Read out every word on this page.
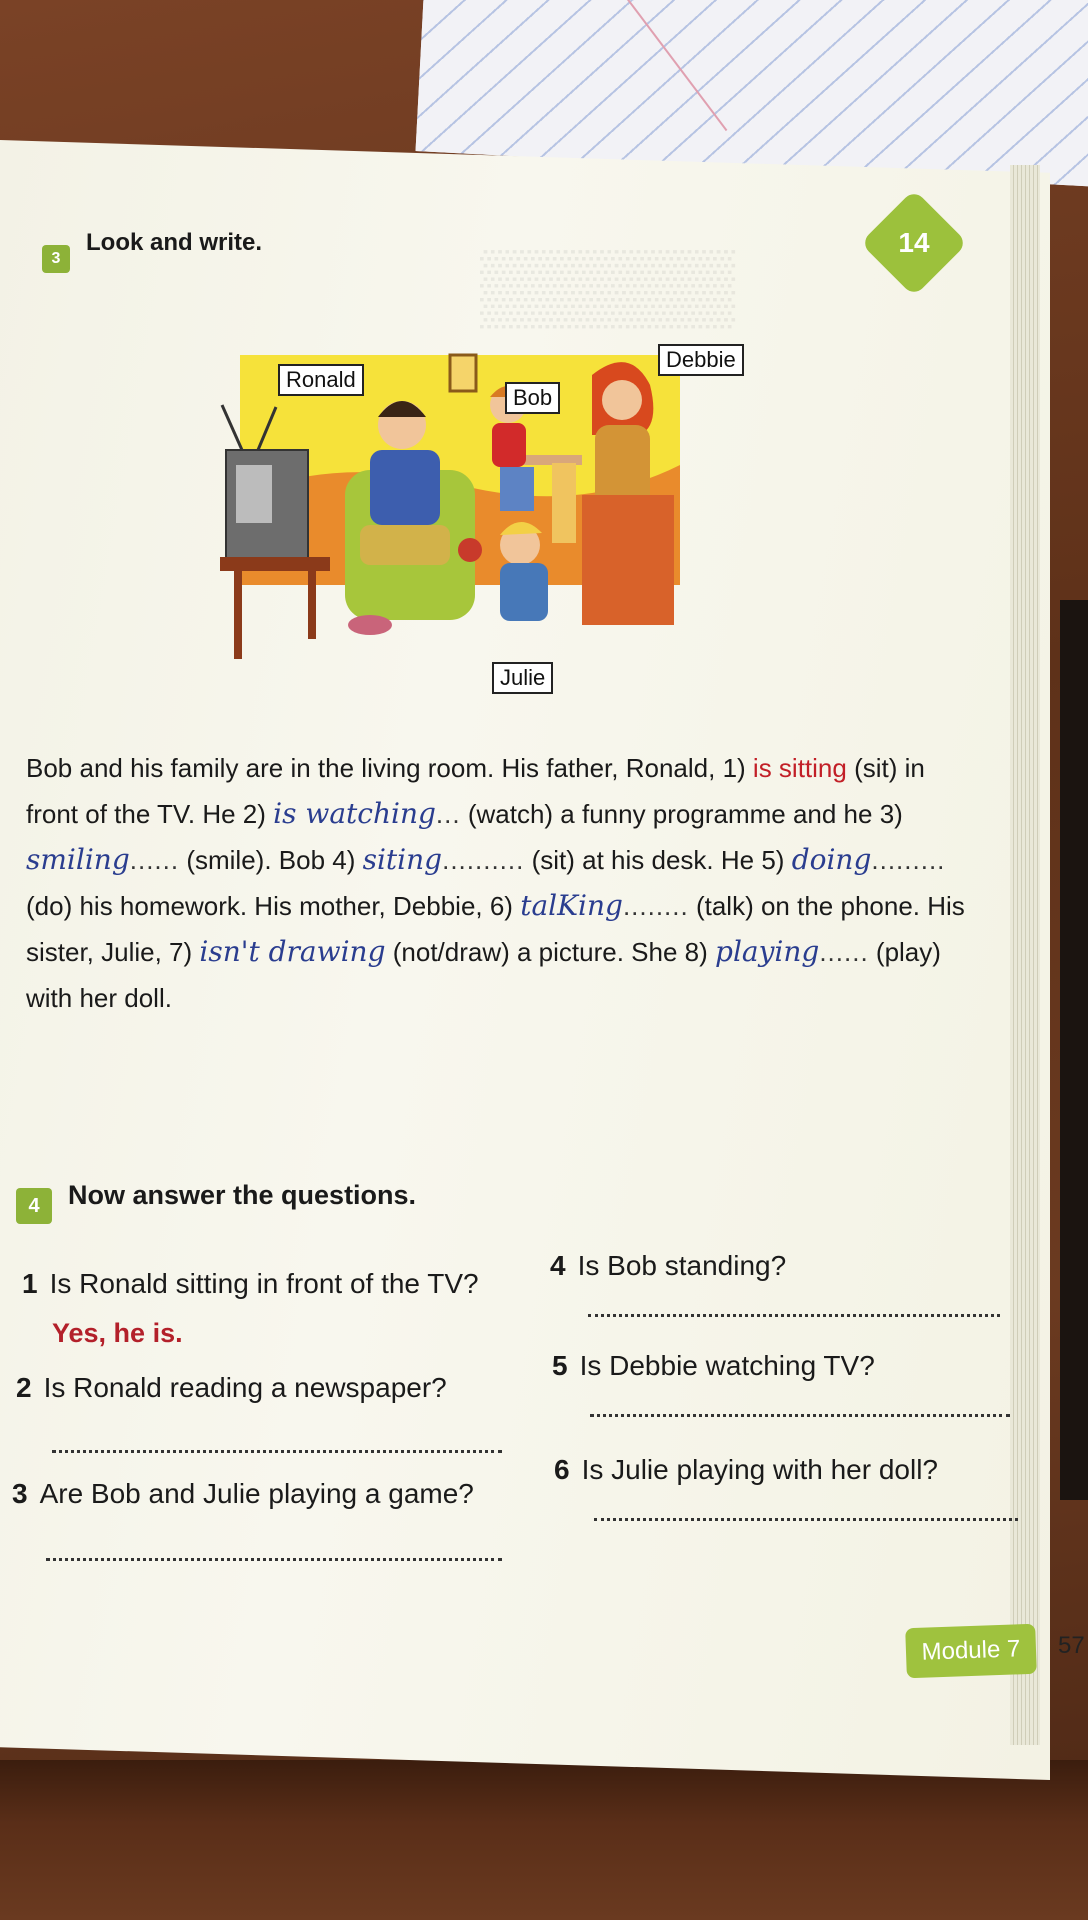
▒▒▒▒▒
3
Look and write.	14
Ronald
Bob
Debbie
Julie
Bob and his family are in the living room. His father, Ronald, 1) is sitting (sit) in front of the TV. He 2) is watching... (watch) a funny programme and he 3) smiling...... (smile). Bob 4) siting.......... (sit) at his desk. He 5) doing......... (do) his homework. His mother, Debbie, 6) talKing........ (talk) on the phone. His sister, Julie, 7) isn't drawing (not/draw) a picture. She 8) playing...... (play) with her doll.
4	Now answer the questions.
1 Is Ronald sitting in front of the TV?
Yes, he is.
2 Is Ronald reading a newspaper?
3 Are Bob and Julie playing a game?
4 Is Bob standing?
5 Is Debbie watching TV?
6 Is Julie playing with her doll?
Module 7	57
